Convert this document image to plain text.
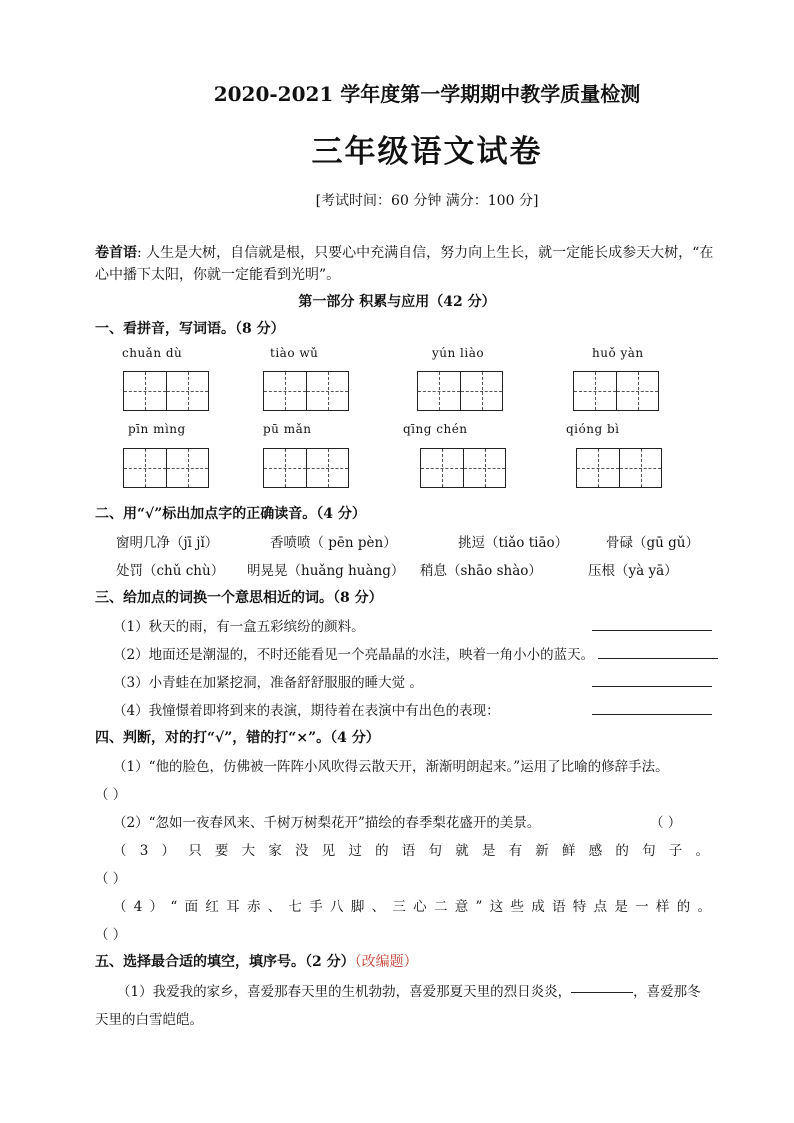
2020-2021 学年度第一学期期中教学质量检测
三年级语文试卷
[考试时间：60 分钟 满分：100 分]
卷首语: 人生是大树，自信就是根，只要心中充满自信，努力向上生长，就一定能长成参天大树，“在心中播下太阳，你就一定能看到光明”。
第一部分 积累与应用（42 分）
一、看拼音，写词语。（8 分）
chuǎn dù	tiào wǔ	yún liào	huǒ yàn
pīn mìng	pū mǎn	qīng chén	qióng bì
二、用“√”标出加点字的正确读音。（4 分）
窗明几净（jī jǐ）	香喷喷（ pēn pèn）	挑逗（tiǎo tiāo）	骨碌（gū gǔ）
处罚（chǔ chù） 明晃晃（huǎng huàng） 稍息（shāo shào）	压根（yà yā）
三、给加点的词换一个意思相近的词。（8 分）
（1）秋天的雨，有一盒五彩缤纷的颜料。
（2）地面还是潮湿的，不时还能看见一个亮晶晶的水洼，映着一角小小的蓝天。
（3）小青蛙在加紧挖洞，准备舒舒服服的睡大觉 。
（4）我憧憬着即将到来的表演，期待着在表演中有出色的表现：
四、判断，对的打“√”，错的打“×”。（4 分）
（1）“他的脸色，仿佛被一阵阵小风吹得云散天开，渐渐明朗起来。”运用了比喻的修辞手法。
（ ）
（2）“忽如一夜春风来、千树万树梨花开”描绘的春季梨花盛开的美景。	（ ）
（3）只要大家没见过的语句就是有新鲜感的句子。
（ ）
（4）“面红耳赤、七手八脚、三心二意”这些成语特点是一样的。
（ ）
五、选择最合适的填空，填序号。（2 分）（改编题）
（1）我爱我的家乡，喜爱那春天里的生机勃勃，喜爱那夏天里的烈日炎炎，	，喜爱那冬
天里的白雪皑皑。
